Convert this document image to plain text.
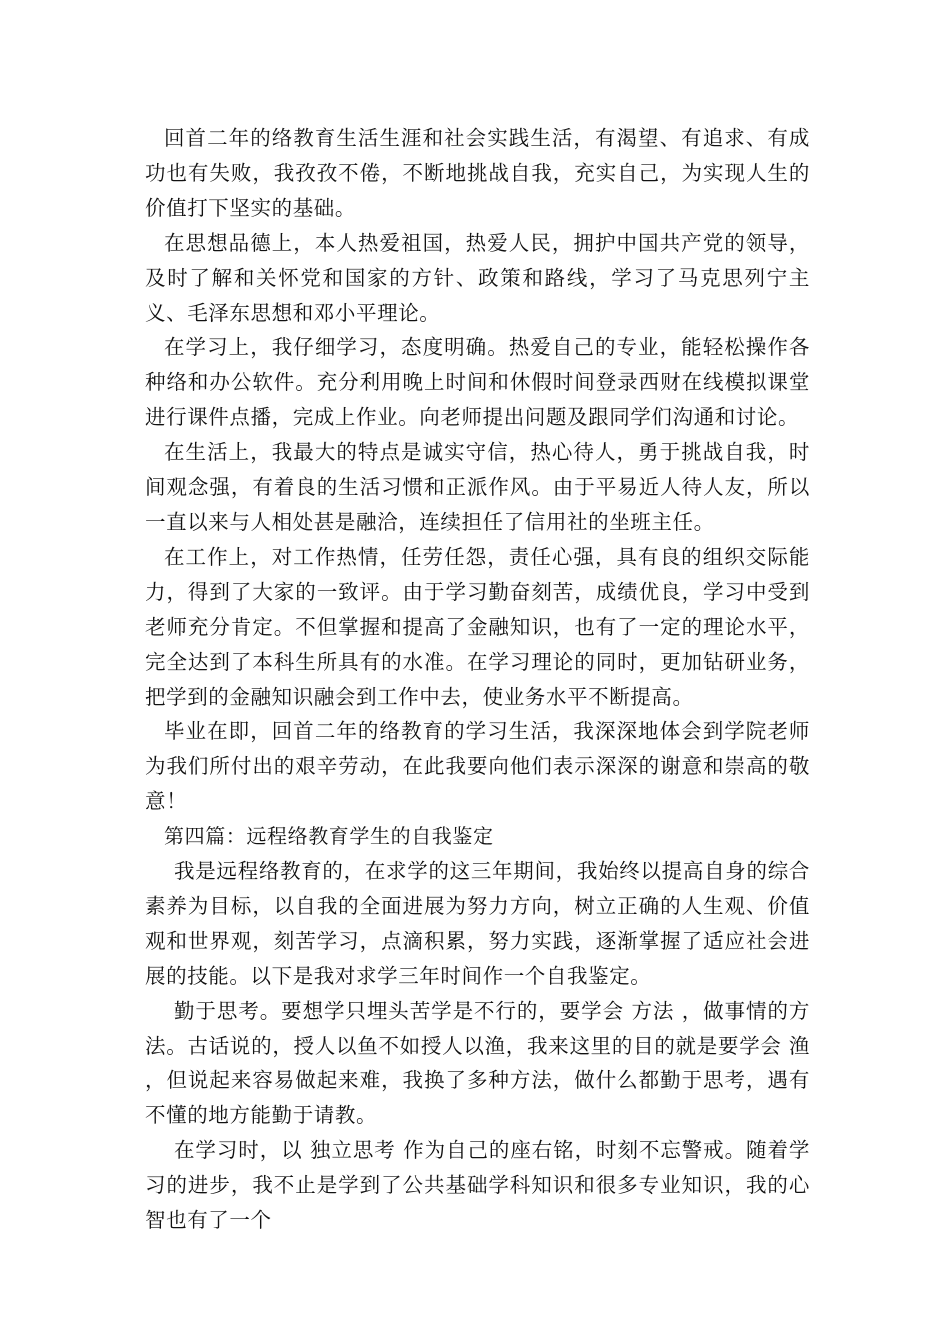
回首二年的络教育生活生涯和社会实践生活，有渴望、有追求、有成功也有失败，我孜孜不倦，不断地挑战自我，充实自己，为实现人生的价值打下坚实的基础。

在思想品德上，本人热爱祖国，热爱人民，拥护中国共产党的领导，及时了解和关怀党和国家的方针、政策和路线，学习了马克思列宁主义、毛泽东思想和邓小平理论。

在学习上，我仔细学习，态度明确。热爱自己的专业，能轻松操作各种络和办公软件。充分利用晚上时间和休假时间登录西财在线模拟课堂进行课件点播，完成上作业。向老师提出问题及跟同学们沟通和讨论。

在生活上，我最大的特点是诚实守信，热心待人，勇于挑战自我，时间观念强，有着良的生活习惯和正派作风。由于平易近人待人友，所以一直以来与人相处甚是融洽，连续担任了信用社的坐班主任。

在工作上，对工作热情，任劳任怨，责任心强，具有良的组织交际能力，得到了大家的一致评。由于学习勤奋刻苦，成绩优良，学习中受到老师充分肯定。不但掌握和提高了金融知识，也有了一定的理论水平，完全达到了本科生所具有的水准。在学习理论的同时，更加钻研业务，把学到的金融知识融会到工作中去，使业务水平不断提高。

毕业在即，回首二年的络教育的学习生活，我深深地体会到学院老师为我们所付出的艰辛劳动，在此我要向他们表示深深的谢意和崇高的敬意！

第四篇：远程络教育学生的自我鉴定

我是远程络教育的，在求学的这三年期间，我始终以提高自身的综合素养为目标，以自我的全面进展为努力方向，树立正确的人生观、价值观和世界观，刻苦学习，点滴积累，努力实践，逐渐掌握了适应社会进展的技能。以下是我对求学三年时间作一个自我鉴定。

勤于思考。要想学只埋头苦学是不行的，要学会 方法 ，做事情的方法。古话说的，授人以鱼不如授人以渔，我来这里的目的就是要学会 渔 ，但说起来容易做起来难，我换了多种方法，做什么都勤于思考，遇有不懂的地方能勤于请教。

在学习时，以 独立思考 作为自己的座右铭，时刻不忘警戒。随着学习的进步，我不止是学到了公共基础学科知识和很多专业知识，我的心智也有了一个
